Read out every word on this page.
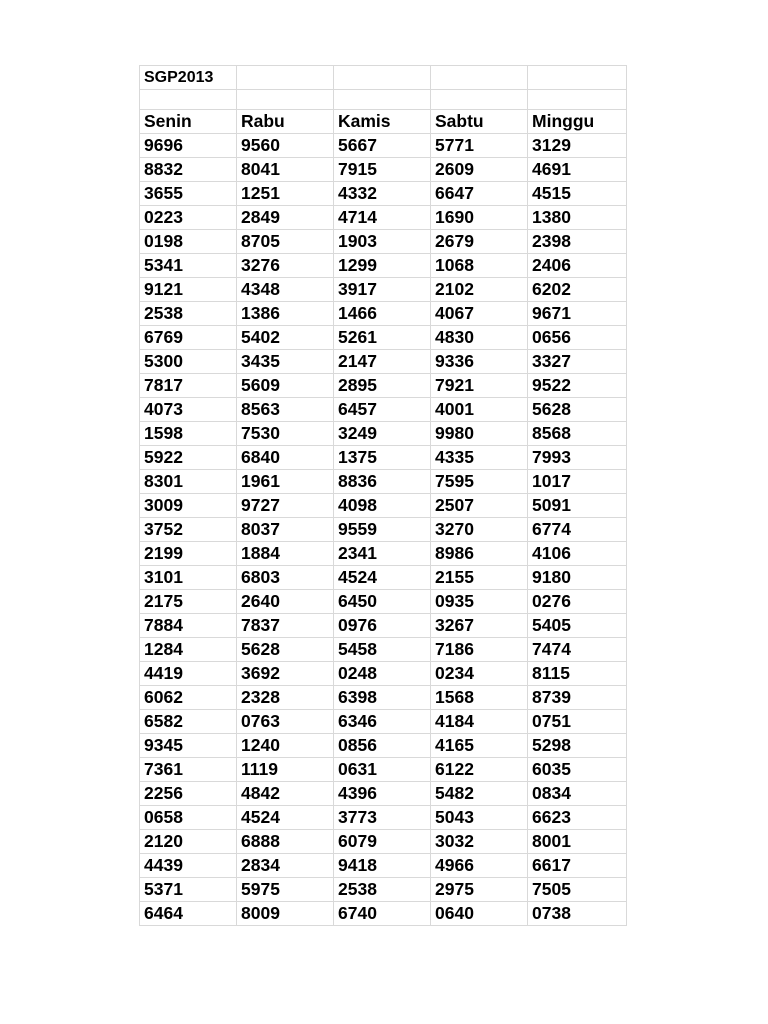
SGP2013				

Senin	Rabu	Kamis	Sabtu	Minggu
9696	9560	5667	5771	3129
8832	8041	7915	2609	4691
3655	1251	4332	6647	4515
0223	2849	4714	1690	1380
0198	8705	1903	2679	2398
5341	3276	1299	1068	2406
9121	4348	3917	2102	6202
2538	1386	1466	4067	9671
6769	5402	5261	4830	0656
5300	3435	2147	9336	3327
7817	5609	2895	7921	9522
4073	8563	6457	4001	5628
1598	7530	3249	9980	8568
5922	6840	1375	4335	7993
8301	1961	8836	7595	1017
3009	9727	4098	2507	5091
3752	8037	9559	3270	6774
2199	1884	2341	8986	4106
3101	6803	4524	2155	9180
2175	2640	6450	0935	0276
7884	7837	0976	3267	5405
1284	5628	5458	7186	7474
4419	3692	0248	0234	8115
6062	2328	6398	1568	8739
6582	0763	6346	4184	0751
9345	1240	0856	4165	5298
7361	1119	0631	6122	6035
2256	4842	4396	5482	0834
0658	4524	3773	5043	6623
2120	6888	6079	3032	8001
4439	2834	9418	4966	6617
5371	5975	2538	2975	7505
6464	8009	6740	0640	0738
